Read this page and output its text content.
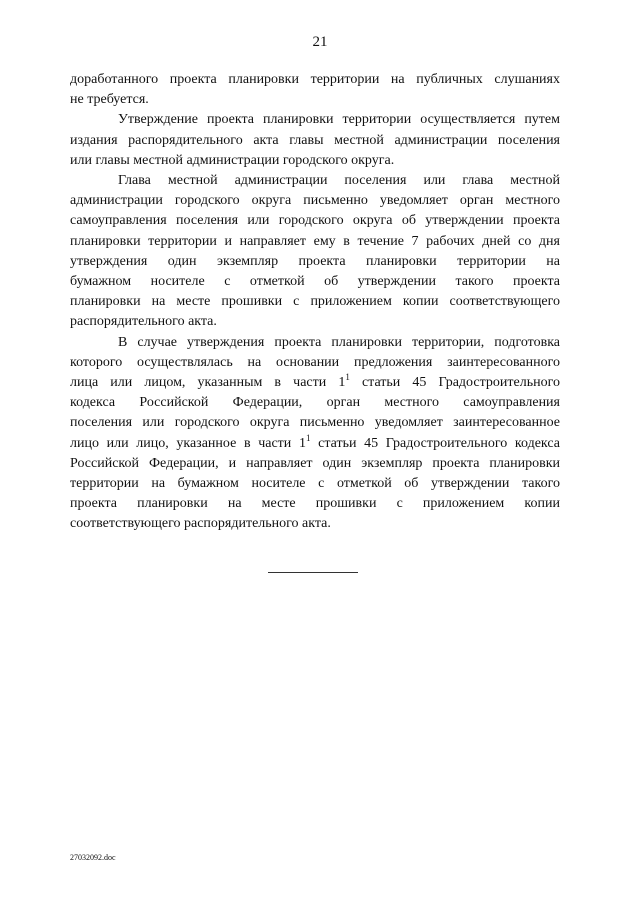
21

доработанного проекта планировки территории на публичных слушаниях
не требуется.

Утверждение проекта планировки территории осуществляется путем
издания распорядительного акта главы местной администрации поселения
или главы местной администрации городского округа.

Глава местной администрации поселения или глава местной
администрации городского округа письменно уведомляет орган местного
самоуправления поселения или городского округа об утверждении проекта
планировки территории и направляет ему в течение 7 рабочих дней со дня
утверждения один экземпляр проекта планировки территории на
бумажном носителе с отметкой об утверждении такого проекта
планировки на месте прошивки с приложением копии соответствующего
распорядительного акта.

В случае утверждения проекта планировки территории, подготовка
которого осуществлялась на основании предложения заинтересованного
лица или лицом, указанным в части $1^1$ статьи 45 Градостроительного
кодекса Российской Федерации, орган местного самоуправления
поселения или городского округа письменно уведомляет заинтересованное
лицо или лицо, указанное в части $1^1$ статьи 45 Градостроительного кодекса
Российской Федерации, и направляет один экземпляр проекта планировки
территории на бумажном носителе с отметкой об утверждении такого
проекта планировки на месте прошивки с приложением копии
соответствующего распорядительного акта.

27032092.doc
